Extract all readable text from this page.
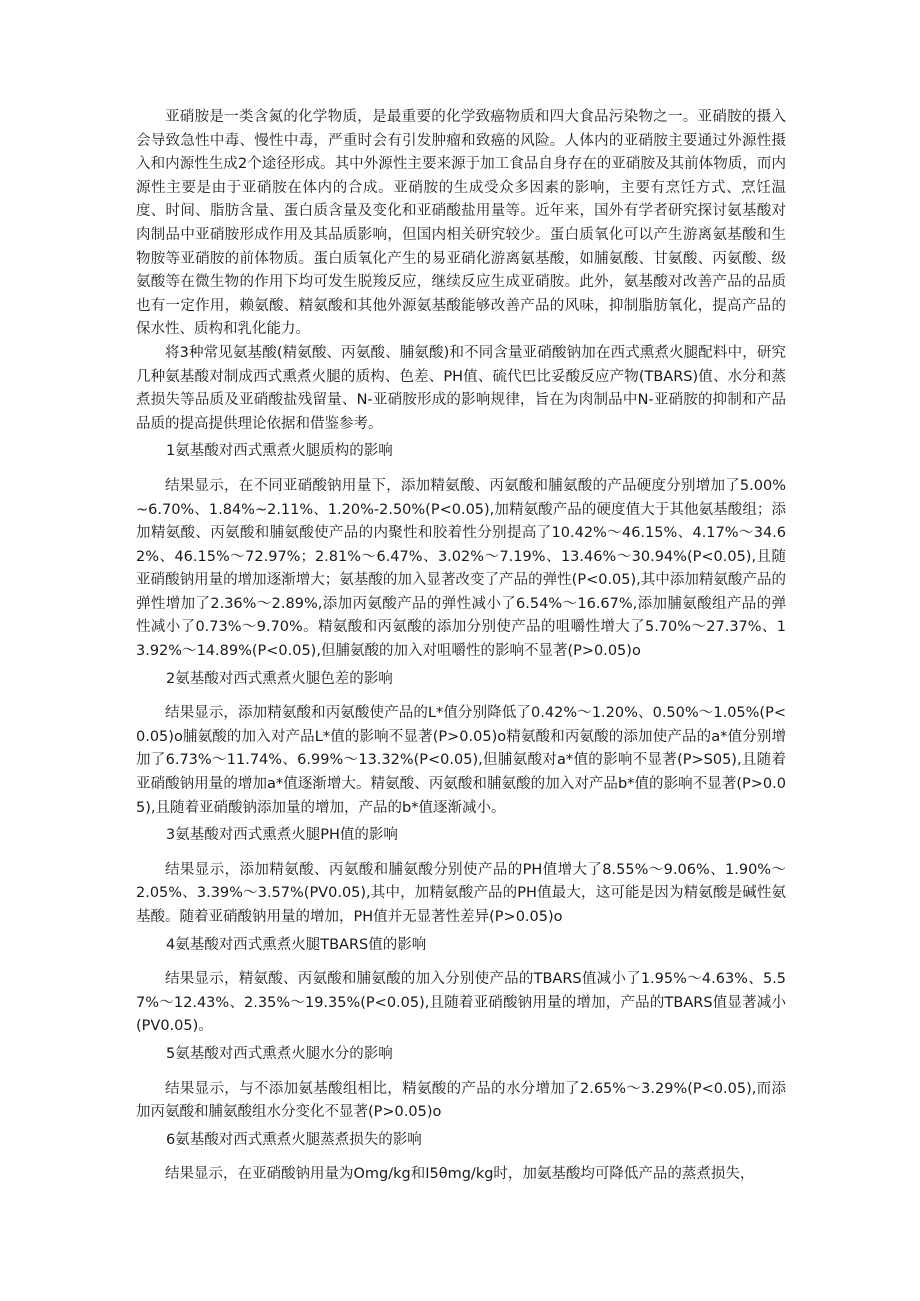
亚硝胺是一类含氮的化学物质，是最重要的化学致癌物质和四大食品污染物之一。亚硝胺的摄入会导致急性中毒、慢性中毒，严重时会有引发肿瘤和致癌的风险。人体内的亚硝胺主要通过外源性摄入和内源性生成2个途径形成。其中外源性主要来源于加工食品自身存在的亚硝胺及其前体物质，而内源性主要是由于亚硝胺在体内的合成。亚硝胺的生成受众多因素的影响，主要有烹饪方式、烹饪温度、时间、脂肪含量、蛋白质含量及变化和亚硝酸盐用量等。近年来，国外有学者研究探讨氨基酸对肉制品中亚硝胺形成作用及其品质影响，但国内相关研究较少。蛋白质氧化可以产生游离氨基酸和生物胺等亚硝胺的前体物质。蛋白质氧化产生的易亚硝化游离氨基酸，如脯氨酸、甘氨酸、丙氨酸、级氨酸等在微生物的作用下均可发生脱羧反应，继续反应生成亚硝胺。此外，氨基酸对改善产品的品质也有一定作用，赖氨酸、精氨酸和其他外源氨基酸能够改善产品的风味，抑制脂肪氧化，提高产品的保水性、质构和乳化能力。

将3种常见氨基酸(精氨酸、丙氨酸、脯氨酸)和不同含量亚硝酸钠加在西式熏煮火腿配料中，研究几种氨基酸对制成西式熏煮火腿的质构、色差、PH值、硫代巴比妥酸反应产物(TBARS)值、水分和蒸煮损失等品质及亚硝酸盐残留量、N-亚硝胺形成的影响规律，旨在为肉制品中N-亚硝胺的抑制和产品品质的提高提供理论依据和借鉴参考。

1氨基酸对西式熏煮火腿质构的影响

结果显示，在不同亚硝酸钠用量下，添加精氨酸、丙氨酸和脯氨酸的产品硬度分别增加了5.00%~6.70%、1.84%~2.11%、1.20%-2.50%(P<0.05),加精氨酸产品的硬度值大于其他氨基酸组；添加精氨酸、丙氨酸和脯氨酸使产品的内聚性和胶着性分别提高了10.42%～46.15%、4.17%～34.62%、46.15%～72.97%；2.81%～6.47%、3.02%～7.19%、13.46%～30.94%(P<0.05),且随亚硝酸钠用量的增加逐渐增大；氨基酸的加入显著改变了产品的弹性(P<0.05),其中添加精氨酸产品的弹性增加了2.36%～2.89%,添加丙氨酸产品的弹性减小了6.54%～16.67%,添加脯氨酸组产品的弹性减小了0.73%～9.70%。精氨酸和丙氨酸的添加分别使产品的咀嚼性增大了5.70%～27.37%、13.92%～14.89%(P<0.05),但脯氨酸的加入对咀嚼性的影响不显著(P>0.05)o

2氨基酸对西式熏煮火腿色差的影响

结果显示，添加精氨酸和丙氨酸使产品的L*值分别降低了0.42%～1.20%、0.50%～1.05%(P<0.05)o脯氨酸的加入对产品L*值的影响不显著(P>0.05)o精氨酸和丙氨酸的添加使产品的a*值分别增加了6.73%～11.74%、6.99%～13.32%(P<0.05),但脯氨酸对a*值的影响不显著(P>S05),且随着亚硝酸钠用量的增加a*值逐渐增大。精氨酸、丙氨酸和脯氨酸的加入对产品b*值的影响不显著(P>0.05),且随着亚硝酸钠添加量的增加，产品的b*值逐渐减小。

3氨基酸对西式熏煮火腿PH值的影响

结果显示，添加精氨酸、丙氨酸和脯氨酸分别使产品的PH值增大了8.55%～9.06%、1.90%～2.05%、3.39%～3.57%(PV0.05),其中，加精氨酸产品的PH值最大，这可能是因为精氨酸是碱性氨基酸。随着亚硝酸钠用量的增加，PH值并无显著性差异(P>0.05)o

4氨基酸对西式熏煮火腿TBARS值的影响

结果显示，精氨酸、丙氨酸和脯氨酸的加入分别使产品的TBARS值减小了1.95%～4.63%、5.57%～12.43%、2.35%～19.35%(P<0.05),且随着亚硝酸钠用量的增加，产品的TBARS值显著减小(PV0.05)。

5氨基酸对西式熏煮火腿水分的影响

结果显示，与不添加氨基酸组相比，精氨酸的产品的水分增加了2.65%～3.29%(P<0.05),而添加丙氨酸和脯氨酸组水分变化不显著(P>0.05)o

6氨基酸对西式熏煮火腿蒸煮损失的影响

结果显示，在亚硝酸钠用量为Omg/kg和I5θmg∕kg时，加氨基酸均可降低产品的蒸煮损失，
